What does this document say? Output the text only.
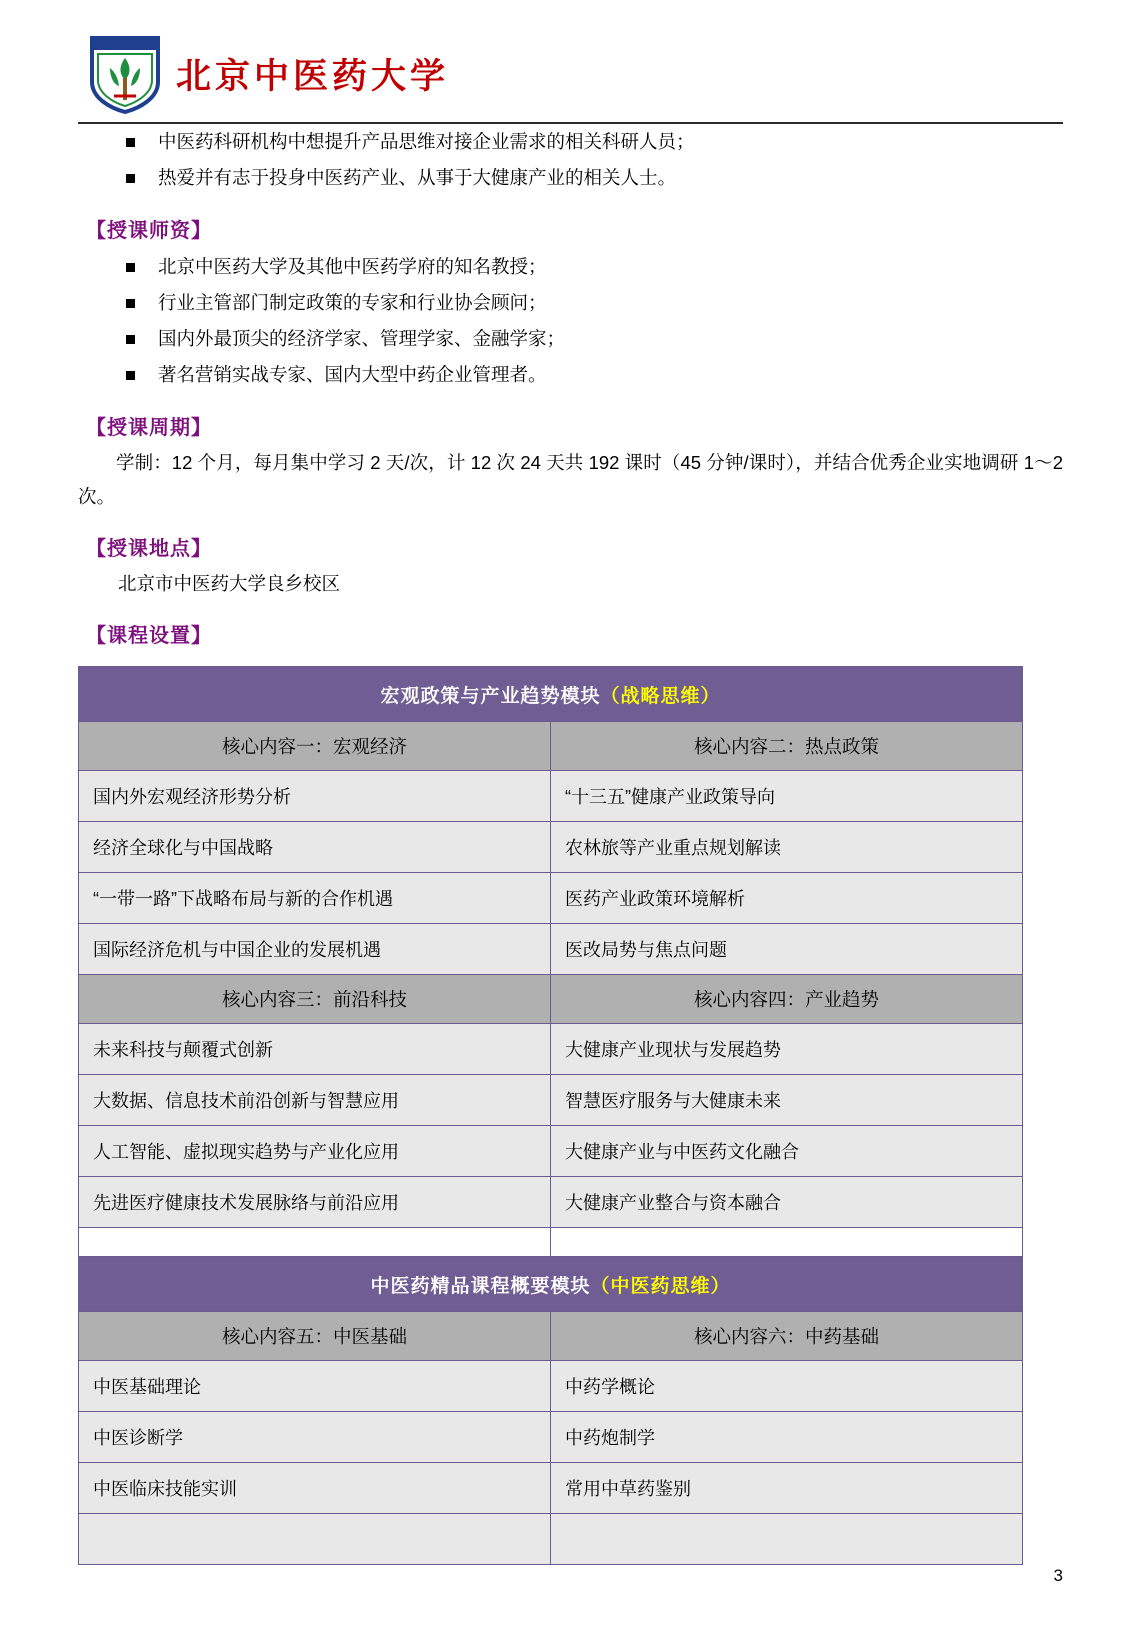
北京中医药大学
中医药科研机构中想提升产品思维对接企业需求的相关科研人员；
热爱并有志于投身中医药产业、从事于大健康产业的相关人士。
【授课师资】
北京中医药大学及其他中医药学府的知名教授；
行业主管部门制定政策的专家和行业协会顾问；
国内外最顶尖的经济学家、管理学家、金融学家；
著名营销实战专家、国内大型中药企业管理者。
【授课周期】

学制：12 个月，每月集中学习 2 天/次，计 12 次 24 天共 192 课时（45 分钟/课时），并结合优秀企业实地调研 1～2 次。

【授课地点】

北京市中医药大学良乡校区

【课程设置】
宏观政策与产业趋势模块（战略思维）	
核心内容一：宏观经济	核心内容二：热点政策
国内外宏观经济形势分析	“十三五”健康产业政策导向
经济全球化与中国战略	农林旅等产业重点规划解读
“一带一路”下战略布局与新的合作机遇	医药产业政策环境解析
国际经济危机与中国企业的发展机遇	医改局势与焦点问题
核心内容三：前沿科技	核心内容四：产业趋势
未来科技与颠覆式创新	大健康产业现状与发展趋势
大数据、信息技术前沿创新与智慧应用	智慧医疗服务与大健康未来
人工智能、虚拟现实趋势与产业化应用	大健康产业与中医药文化融合
先进医疗健康技术发展脉络与前沿应用	大健康产业整合与资本融合

中医药精品课程概要模块（中医药思维）	
核心内容五：中医基础	核心内容六：中药基础
中医基础理论	中药学概论
中医诊断学	中药炮制学
中医临床技能实训	常用中草药鉴别

3
